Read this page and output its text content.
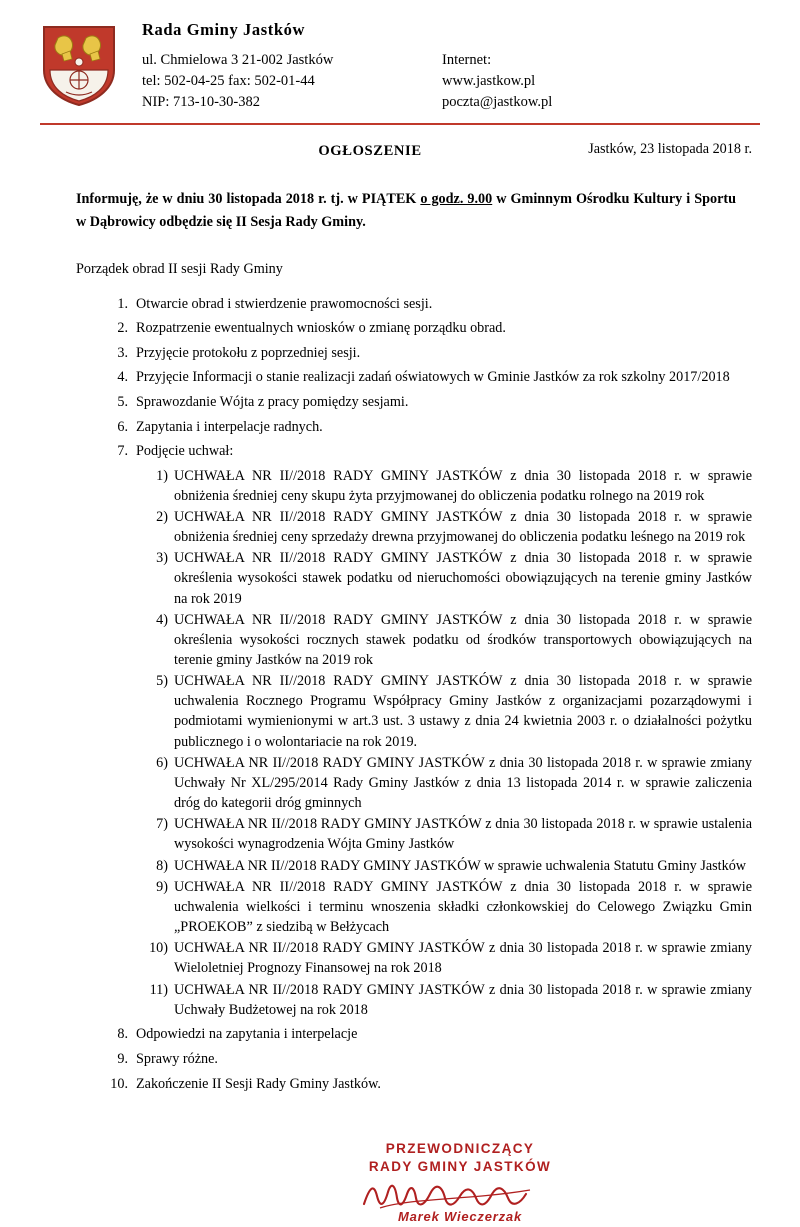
Rada Gminy Jastków
ul. Chmielowa 3 21-002 Jastków
tel: 502-04-25 fax: 502-01-44
NIP: 713-10-30-382
Internet:
www.jastkow.pl
poczta@jastkow.pl
Jastków, 23 listopada 2018 r.
OGŁOSZENIE

Informuję, że w dniu 30 listopada 2018 r. tj. w PIĄTEK o godz. 9.00 w Gminnym Ośrodku Kultury i Sportu w Dąbrowicy odbędzie się II Sesja Rady Gminy.

Porządek obrad II sesji Rady Gminy
Otwarcie obrad i stwierdzenie prawomocności sesji.
Rozpatrzenie ewentualnych wniosków o zmianę porządku obrad.
Przyjęcie protokołu z poprzedniej sesji.
Przyjęcie Informacji o stanie realizacji zadań oświatowych w Gminie Jastków za rok szkolny 2017/2018
Sprawozdanie Wójta z pracy pomiędzy sesjami.
Zapytania i interpelacje radnych.
Podjęcie uchwał:
UCHWAŁA NR II//2018 RADY GMINY JASTKÓW z dnia 30 listopada 2018 r. w sprawie obniżenia średniej ceny skupu żyta przyjmowanej do obliczenia podatku rolnego na 2019 rok
UCHWAŁA NR II//2018 RADY GMINY JASTKÓW z dnia 30 listopada 2018 r. w sprawie obniżenia średniej ceny sprzedaży drewna przyjmowanej do obliczenia podatku leśnego na 2019 rok
UCHWAŁA NR II//2018 RADY GMINY JASTKÓW z dnia 30 listopada 2018 r. w sprawie określenia wysokości stawek podatku od nieruchomości obowiązujących na terenie gminy Jastków na rok 2019
UCHWAŁA NR II//2018 RADY GMINY JASTKÓW z dnia 30 listopada 2018 r. w sprawie określenia wysokości rocznych stawek podatku od środków transportowych obowiązujących na terenie gminy Jastków na 2019 rok
UCHWAŁA NR II//2018 RADY GMINY JASTKÓW z dnia 30 listopada 2018 r. w sprawie uchwalenia Rocznego Programu Współpracy Gminy Jastków z organizacjami pozarządowymi i podmiotami wymienionymi w art.3 ust. 3 ustawy z dnia 24 kwietnia 2003 r. o działalności pożytku publicznego i o wolontariacie na rok 2019.
UCHWAŁA NR II//2018 RADY GMINY JASTKÓW z dnia 30 listopada 2018 r. w sprawie zmiany Uchwały Nr XL/295/2014 Rady Gminy Jastków z dnia 13 listopada 2014 r. w sprawie zaliczenia dróg do kategorii dróg gminnych
UCHWAŁA NR II//2018 RADY GMINY JASTKÓW z dnia 30 listopada 2018 r. w sprawie ustalenia wysokości wynagrodzenia Wójta Gminy Jastków
UCHWAŁA NR II//2018 RADY GMINY JASTKÓW w sprawie uchwalenia Statutu Gminy Jastków
UCHWAŁA NR II//2018 RADY GMINY JASTKÓW z dnia 30 listopada 2018 r. w sprawie uchwalenia wielkości i terminu wnoszenia składki członkowskiej do Celowego Związku Gmin „PROEKOB” z siedzibą w Bełżycach
UCHWAŁA NR II//2018 RADY GMINY JASTKÓW z dnia 30 listopada 2018 r. w sprawie zmiany Wieloletniej Prognozy Finansowej na rok 2018
UCHWAŁA NR II//2018 RADY GMINY JASTKÓW z dnia 30 listopada 2018 r. w sprawie zmiany Uchwały Budżetowej na rok 2018
Odpowiedzi na zapytania i interpelacje
Sprawy różne.
Zakończenie II Sesji Rady Gminy Jastków.
PRZEWODNICZĄCY
RADY GMINY JASTKÓW
Marek Wieczerzak
